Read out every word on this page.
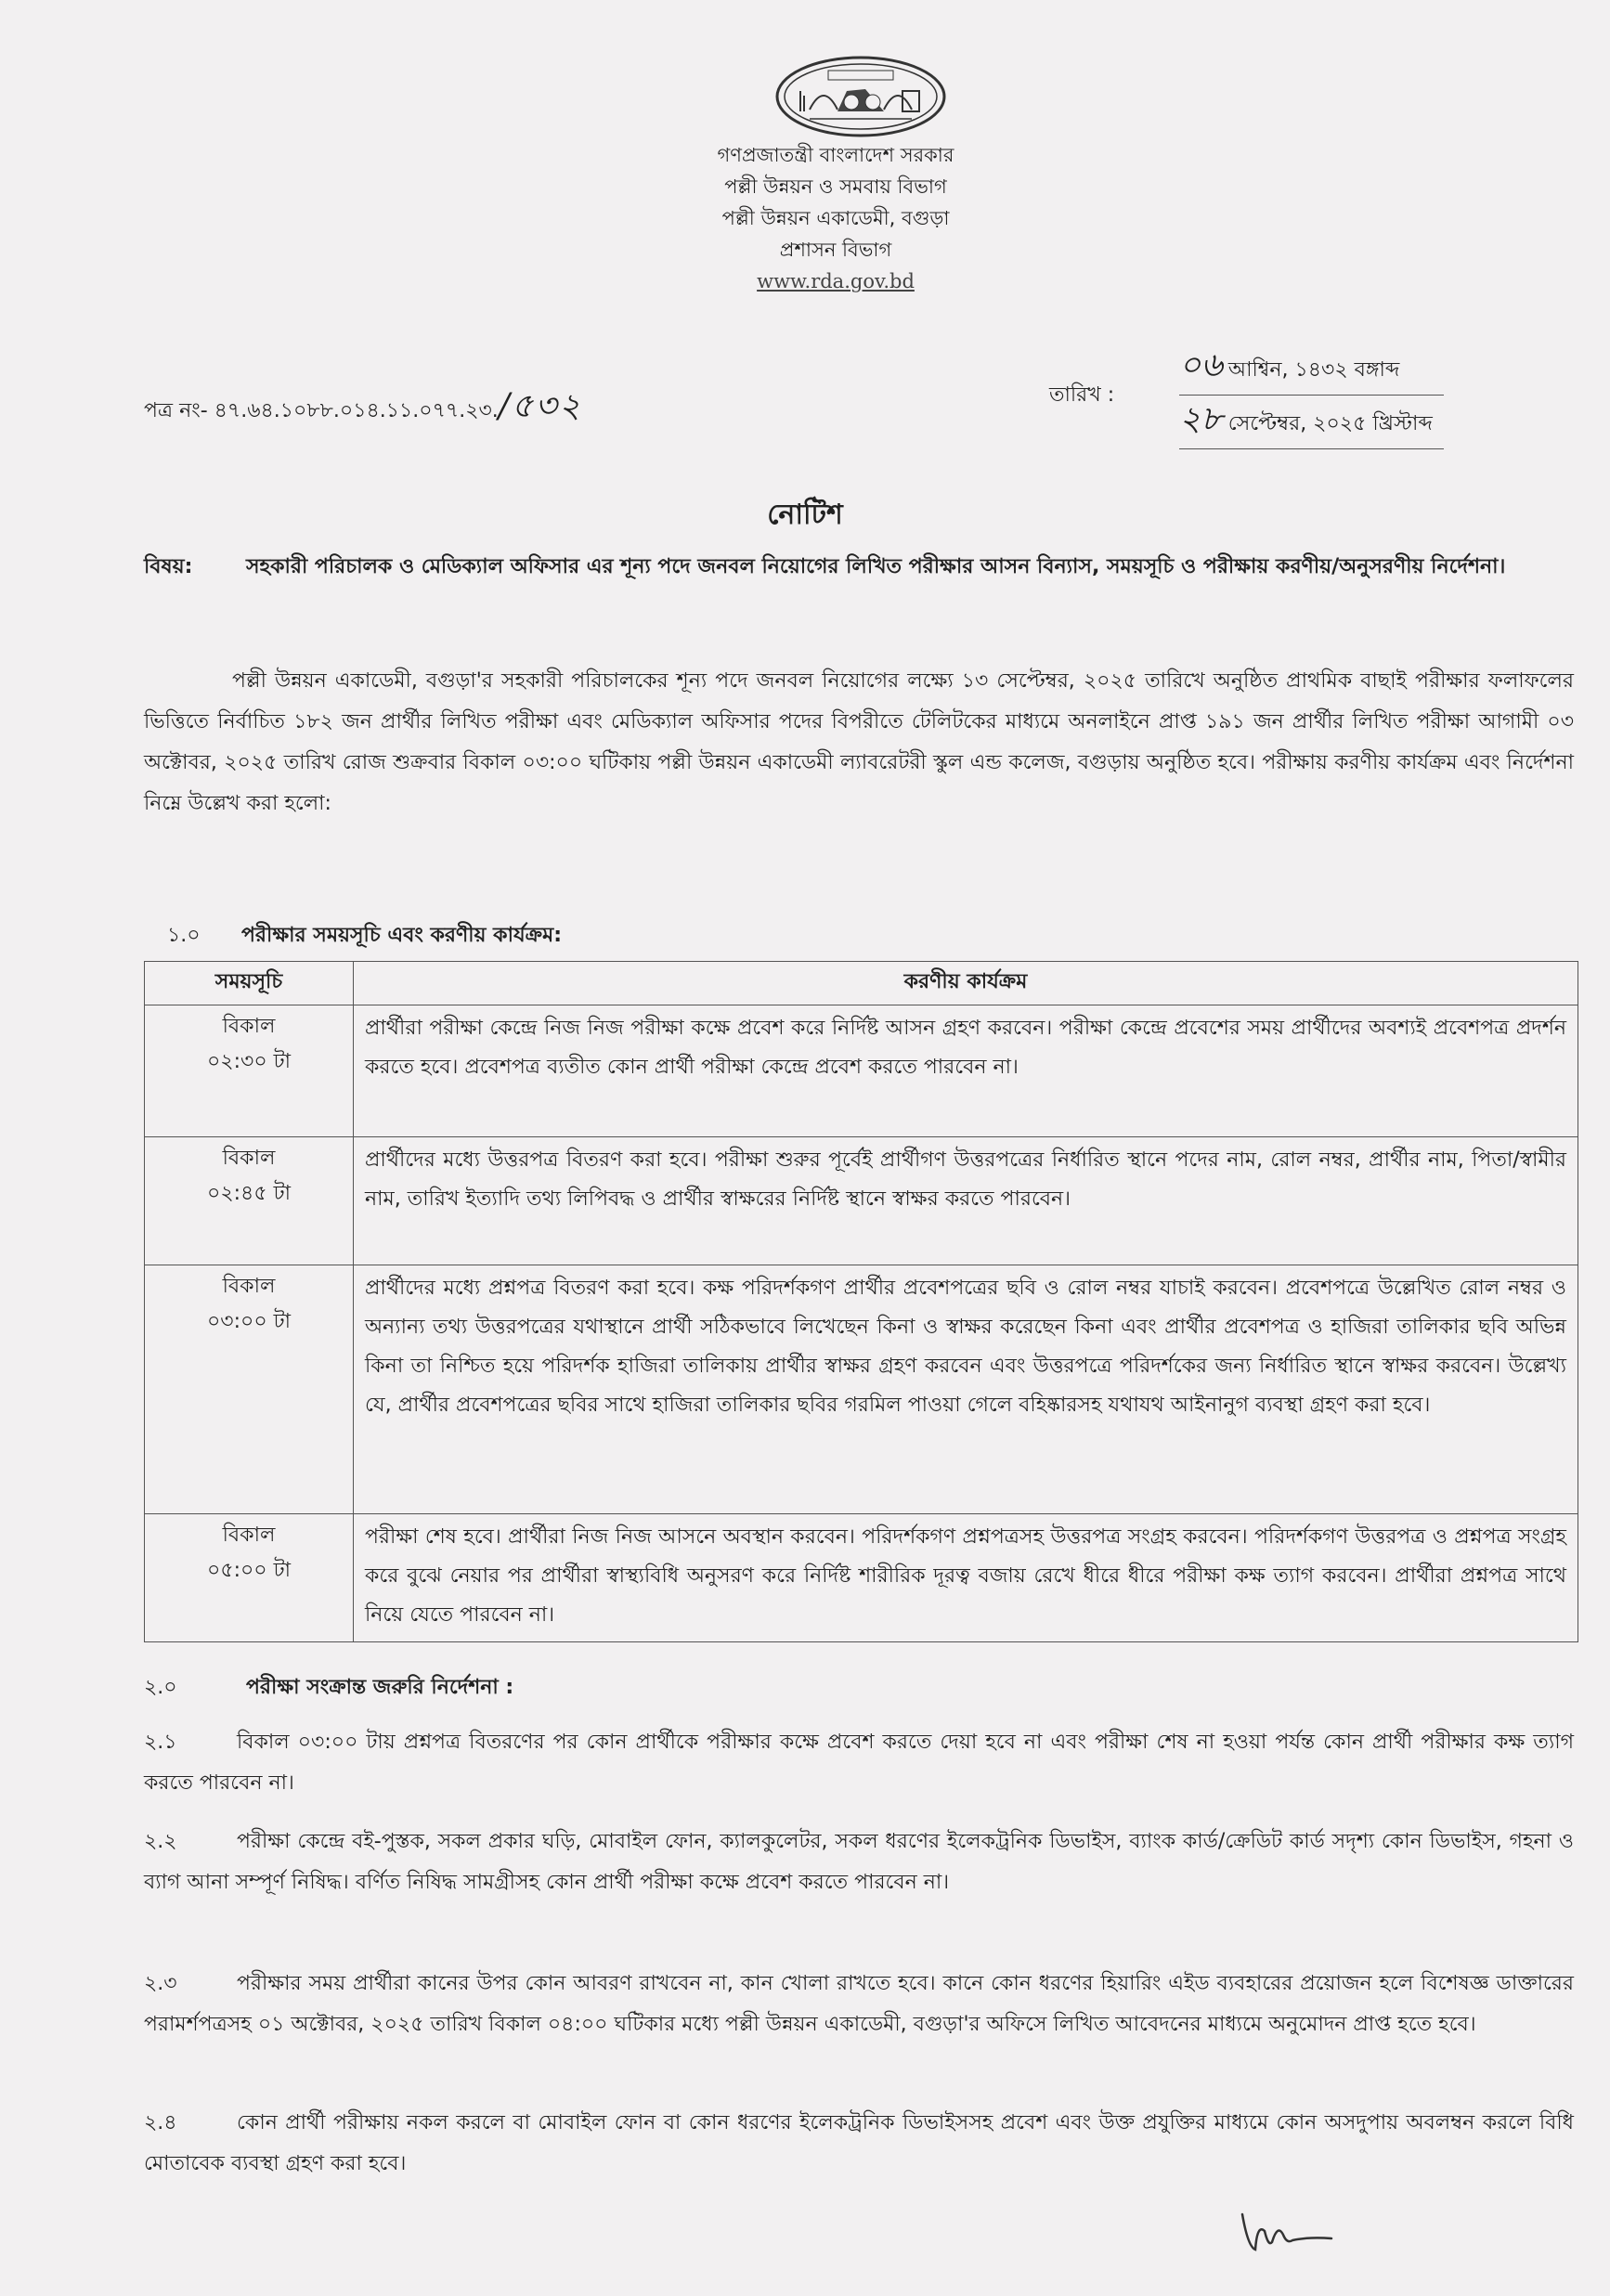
গণপ্রজাতন্ত্রী বাংলাদেশ সরকার
পল্লী উন্নয়ন ও সমবায় বিভাগ
পল্লী উন্নয়ন একাডেমী, বগুড়া
প্রশাসন বিভাগ
www.rda.gov.bd
পত্র নং- ৪৭.৬৪.১০৮৮.০১৪.১১.০৭৭.২৩./৫৩২	তারিখ :
০৬ আশ্বিন, ১৪৩২ বঙ্গাব্দ
২৮ সেপ্টেম্বর, ২০২৫ খ্রিস্টাব্দ
নোটিশ
বিষয়:	সহকারী পরিচালক ও মেডিক্যাল অফিসার এর শূন্য পদে জনবল নিয়োগের লিখিত পরীক্ষার আসন বিন্যাস, সময়সূচি ও পরীক্ষায় করণীয়/অনুসরণীয় নির্দেশনা।
পল্লী উন্নয়ন একাডেমী, বগুড়া'র সহকারী পরিচালকের শূন্য পদে জনবল নিয়োগের লক্ষ্যে ১৩ সেপ্টেম্বর, ২০২৫ তারিখে অনুষ্ঠিত প্রাথমিক বাছাই পরীক্ষার ফলাফলের ভিত্তিতে নির্বাচিত ১৮২ জন প্রার্থীর লিখিত পরীক্ষা এবং মেডিক্যাল অফিসার পদের বিপরীতে টেলিটকের মাধ্যমে অনলাইনে প্রাপ্ত ১৯১ জন প্রার্থীর লিখিত পরীক্ষা আগামী ০৩ অক্টোবর, ২০২৫ তারিখ রোজ শুক্রবার বিকাল ০৩:০০ ঘটিকায় পল্লী উন্নয়ন একাডেমী ল্যাবরেটরী স্কুল এন্ড কলেজ, বগুড়ায় অনুষ্ঠিত হবে। পরীক্ষায় করণীয় কার্যক্রম এবং নির্দেশনা নিম্নে উল্লেখ করা হলো:
১.০ পরীক্ষার সময়সূচি এবং করণীয় কার্যক্রম:
সময়সূচি	করণীয় কার্যক্রম

বিকাল
০২:৩০ টা	প্রার্থীরা পরীক্ষা কেন্দ্রে নিজ নিজ পরীক্ষা কক্ষে প্রবেশ করে নির্দিষ্ট আসন গ্রহণ করবেন। পরীক্ষা কেন্দ্রে প্রবেশের সময় প্রার্থীদের অবশ্যই প্রবেশপত্র প্রদর্শন করতে হবে। প্রবেশপত্র ব্যতীত কোন প্রার্থী পরীক্ষা কেন্দ্রে প্রবেশ করতে পারবেন না।

বিকাল
০২:৪৫ টা	প্রার্থীদের মধ্যে উত্তরপত্র বিতরণ করা হবে। পরীক্ষা শুরুর পূর্বেই প্রার্থীগণ উত্তরপত্রের নির্ধারিত স্থানে পদের নাম, রোল নম্বর, প্রার্থীর নাম, পিতা/স্বামীর নাম, তারিখ ইত্যাদি তথ্য লিপিবদ্ধ ও প্রার্থীর স্বাক্ষরের নির্দিষ্ট স্থানে স্বাক্ষর করতে পারবেন।

বিকাল
০৩:০০ টা	প্রার্থীদের মধ্যে প্রশ্নপত্র বিতরণ করা হবে। কক্ষ পরিদর্শকগণ প্রার্থীর প্রবেশপত্রের ছবি ও রোল নম্বর যাচাই করবেন। প্রবেশপত্রে উল্লেখিত রোল নম্বর ও অন্যান্য তথ্য উত্তরপত্রের যথাস্থানে প্রার্থী সঠিকভাবে লিখেছেন কিনা ও স্বাক্ষর করেছেন কিনা এবং প্রার্থীর প্রবেশপত্র ও হাজিরা তালিকার ছবি অভিন্ন কিনা তা নিশ্চিত হয়ে পরিদর্শক হাজিরা তালিকায় প্রার্থীর স্বাক্ষর গ্রহণ করবেন এবং উত্তরপত্রে পরিদর্শকের জন্য নির্ধারিত স্থানে স্বাক্ষর করবেন। উল্লেখ্য যে, প্রার্থীর প্রবেশপত্রের ছবির সাথে হাজিরা তালিকার ছবির গরমিল পাওয়া গেলে বহিষ্কারসহ যথাযথ আইনানুগ ব্যবস্থা গ্রহণ করা হবে।

বিকাল
০৫:০০ টা	পরীক্ষা শেষ হবে। প্রার্থীরা নিজ নিজ আসনে অবস্থান করবেন। পরিদর্শকগণ প্রশ্নপত্রসহ উত্তরপত্র সংগ্রহ করবেন। পরিদর্শকগণ উত্তরপত্র ও প্রশ্নপত্র সংগ্রহ করে বুঝে নেয়ার পর প্রার্থীরা স্বাস্থ্যবিধি অনুসরণ করে নির্দিষ্ট শারীরিক দূরত্ব বজায় রেখে ধীরে ধীরে পরীক্ষা কক্ষ ত্যাগ করবেন। প্রার্থীরা প্রশ্নপত্র সাথে নিয়ে যেতে পারবেন না।
২.০	পরীক্ষা সংক্রান্ত জরুরি নির্দেশনা :
২.১	বিকাল ০৩:০০ টায় প্রশ্নপত্র বিতরণের পর কোন প্রার্থীকে পরীক্ষার কক্ষে প্রবেশ করতে দেয়া হবে না এবং পরীক্ষা শেষ না হওয়া পর্যন্ত কোন প্রার্থী পরীক্ষার কক্ষ ত্যাগ করতে পারবেন না।
২.২	পরীক্ষা কেন্দ্রে বই-পুস্তক, সকল প্রকার ঘড়ি, মোবাইল ফোন, ক্যালকুলেটর, সকল ধরণের ইলেকট্রনিক ডিভাইস, ব্যাংক কার্ড/ক্রেডিট কার্ড সদৃশ্য কোন ডিভাইস, গহনা ও ব্যাগ আনা সম্পূর্ণ নিষিদ্ধ। বর্ণিত নিষিদ্ধ সামগ্রীসহ কোন প্রার্থী পরীক্ষা কক্ষে প্রবেশ করতে পারবেন না।
২.৩	পরীক্ষার সময় প্রার্থীরা কানের উপর কোন আবরণ রাখবেন না, কান খোলা রাখতে হবে। কানে কোন ধরণের হিয়ারিং এইড ব্যবহারের প্রয়োজন হলে বিশেষজ্ঞ ডাক্তারের পরামর্শপত্রসহ ০১ অক্টোবর, ২০২৫ তারিখ বিকাল ০৪:০০ ঘটিকার মধ্যে পল্লী উন্নয়ন একাডেমী, বগুড়া'র অফিসে লিখিত আবেদনের মাধ্যমে অনুমোদন প্রাপ্ত হতে হবে।
২.৪	কোন প্রার্থী পরীক্ষায় নকল করলে বা মোবাইল ফোন বা কোন ধরণের ইলেকট্রনিক ডিভাইসসহ প্রবেশ এবং উক্ত প্রযুক্তির মাধ্যমে কোন অসদুপায় অবলম্বন করলে বিধি মোতাবেক ব্যবস্থা গ্রহণ করা হবে।
